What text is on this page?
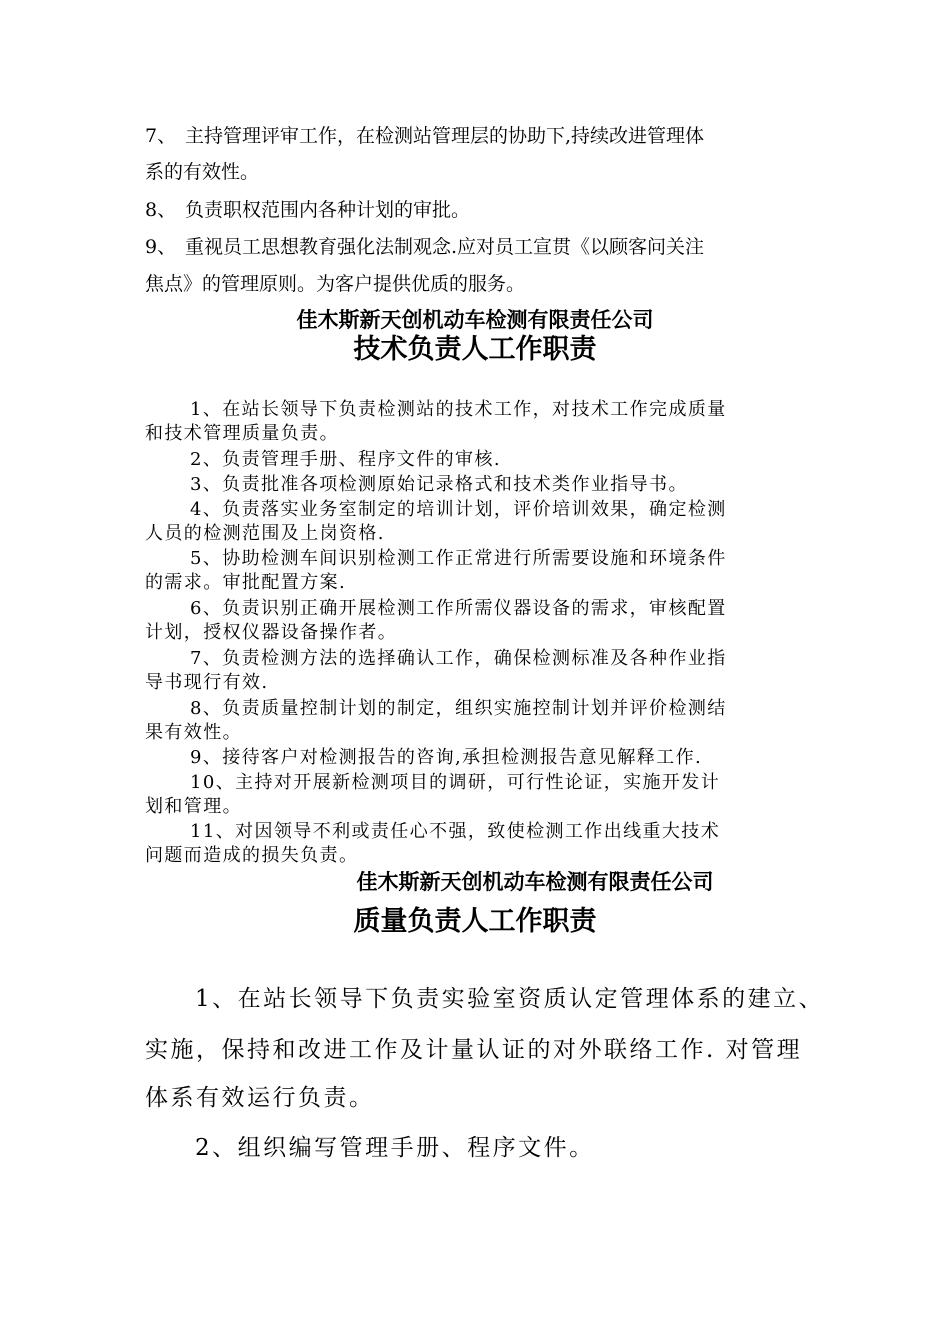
7、 主持管理评审工作，在检测站管理层的协助下,持续改进管理体
系的有效性。
8、 负责职权范围内各种计划的审批。
9、 重视员工思想教育强化法制观念.应对员工宣贯《以顾客问关注
焦点》的管理原则。为客户提供优质的服务。
佳木斯新天创机动车检测有限责任公司
技术负责人工作职责
1、在站长领导下负责检测站的技术工作，对技术工作完成质量
和技术管理质量负责。
2、负责管理手册、程序文件的审核.
3、负责批准各项检测原始记录格式和技术类作业指导书。
4、负责落实业务室制定的培训计划，评价培训效果，确定检测
人员的检测范围及上岗资格.
5、协助检测车间识别检测工作正常进行所需要设施和环境条件
的需求。审批配置方案.
6、负责识别正确开展检测工作所需仪器设备的需求，审核配置
计划，授权仪器设备操作者。
7、负责检测方法的选择确认工作，确保检测标准及各种作业指
导书现行有效.
8、负责质量控制计划的制定，组织实施控制计划并评价检测结
果有效性。
9、接待客户对检测报告的咨询,承担检测报告意见解释工作.
10、主持对开展新检测项目的调研，可行性论证，实施开发计
划和管理。
11、对因领导不利或责任心不强，致使检测工作出线重大技术
问题而造成的损失负责。
佳木斯新天创机动车检测有限责任公司
质量负责人工作职责
1、在站长领导下负责实验室资质认定管理体系的建立、
实施，保持和改进工作及计量认证的对外联络工作. 对管理
体系有效运行负责。
2、组织编写管理手册、程序文件。
